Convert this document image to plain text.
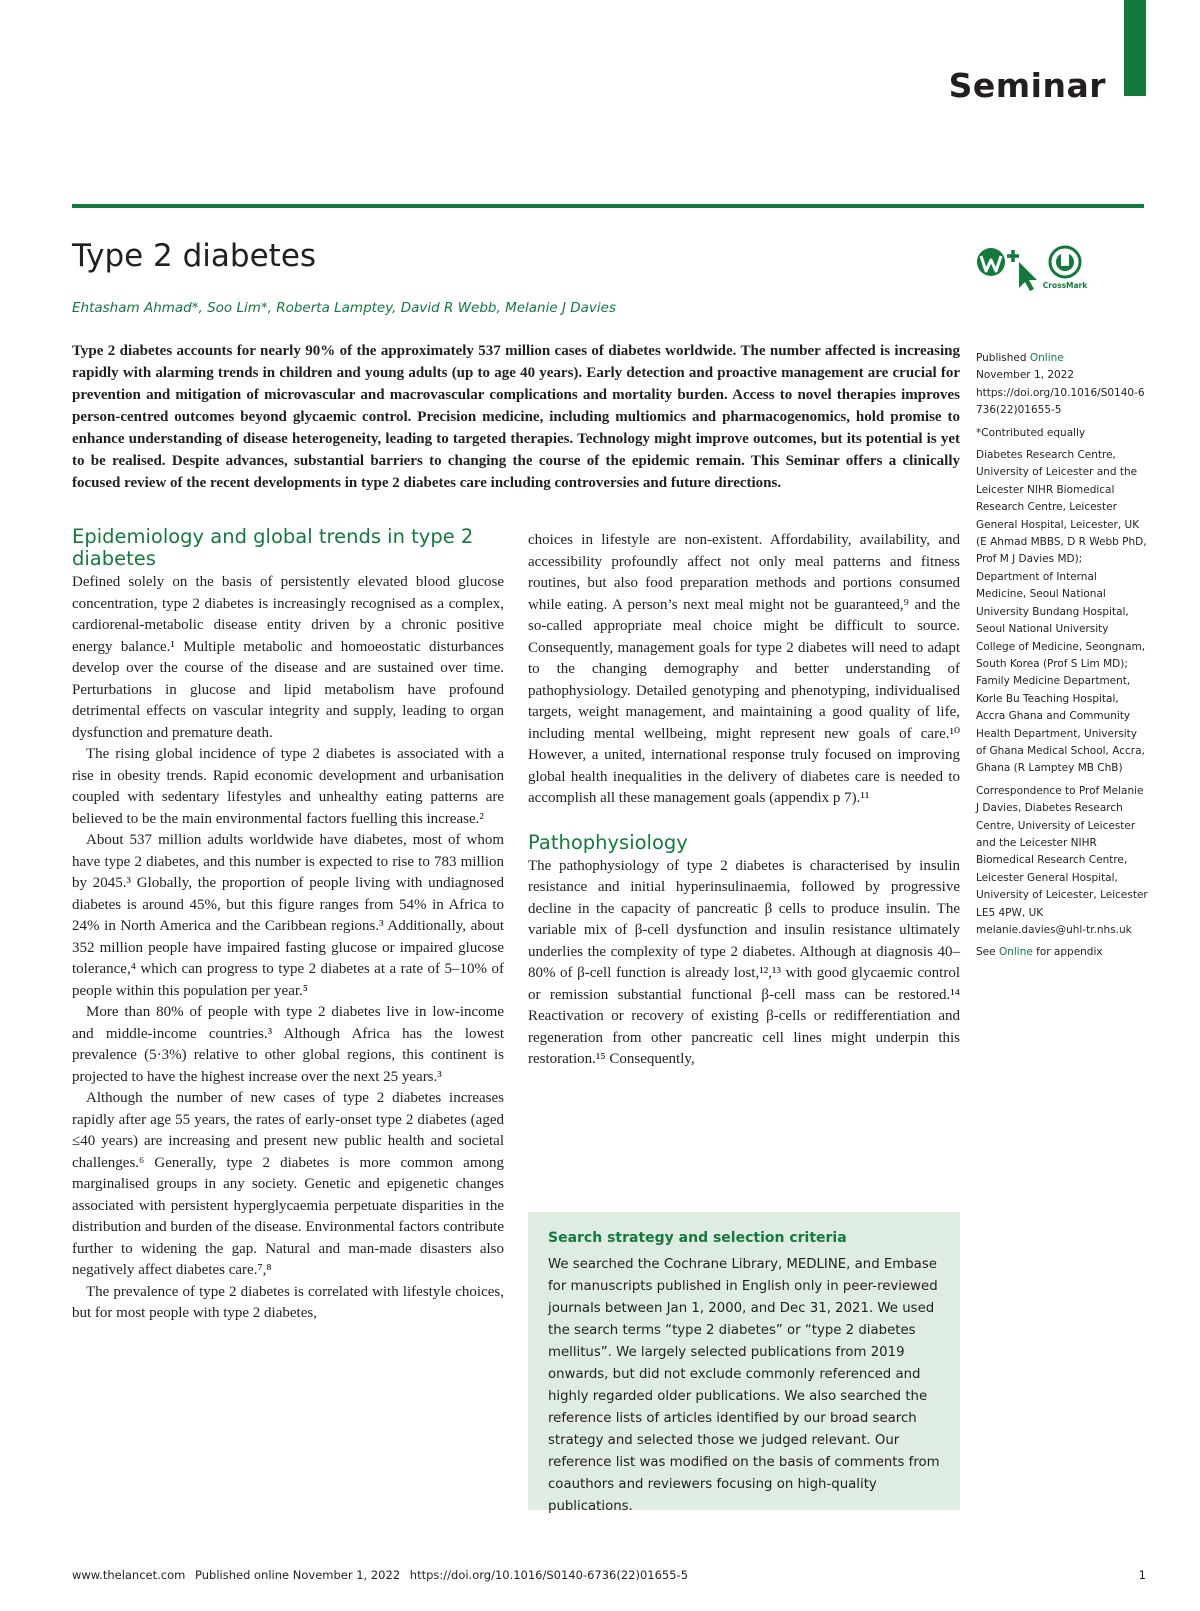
Seminar
Type 2 diabetes
Ehtasham Ahmad*, Soo Lim*, Roberta Lamptey, David R Webb, Melanie J Davies
CrossMark

Type 2 diabetes accounts for nearly 90% of the approximately 537 million cases of diabetes worldwide. The number affected is increasing rapidly with alarming trends in children and young adults (up to age 40 years). Early detection and proactive management are crucial for prevention and mitigation of microvascular and macrovascular complications and mortality burden. Access to novel therapies improves person-centred outcomes beyond glycaemic control. Precision medicine, including multiomics and pharmacogenomics, hold promise to enhance understanding of disease heterogeneity, leading to targeted therapies. Technology might improve outcomes, but its potential is yet to be realised. Despite advances, substantial barriers to changing the course of the epidemic remain. This Seminar offers a clinically focused review of the recent developments in type 2 diabetes care including controversies and future directions.

Epidemiology and global trends in type 2 diabetes

Defined solely on the basis of persistently elevated blood glucose concentration, type 2 diabetes is increasingly recognised as a complex, cardiorenal-metabolic disease entity driven by a chronic positive energy balance.¹ Multiple metabolic and homoeostatic disturbances develop over the course of the disease and are sustained over time. Perturbations in glucose and lipid metabolism have profound detrimental effects on vascular integrity and supply, leading to organ dysfunction and premature death.

The rising global incidence of type 2 diabetes is associated with a rise in obesity trends. Rapid economic development and urbanisation coupled with sedentary lifestyles and unhealthy eating patterns are believed to be the main environmental factors fuelling this increase.²

About 537 million adults worldwide have diabetes, most of whom have type 2 diabetes, and this number is expected to rise to 783 million by 2045.³ Globally, the proportion of people living with undiagnosed diabetes is around 45%, but this figure ranges from 54% in Africa to 24% in North America and the Caribbean regions.³ Additionally, about 352 million people have impaired fasting glucose or impaired glucose tolerance,⁴ which can progress to type 2 diabetes at a rate of 5–10% of people within this population per year.⁵

More than 80% of people with type 2 diabetes live in low-income and middle-income countries.³ Although Africa has the lowest prevalence (5·3%) relative to other global regions, this continent is projected to have the highest increase over the next 25 years.³

Although the number of new cases of type 2 diabetes increases rapidly after age 55 years, the rates of early-onset type 2 diabetes (aged ≤40 years) are increasing and present new public health and societal challenges.⁶ Generally, type 2 diabetes is more common among marginalised groups in any society. Genetic and epigenetic changes associated with persistent hyperglycaemia perpetuate disparities in the distribution and burden of the disease. Environmental factors contribute further to widening the gap. Natural and man-made disasters also negatively affect diabetes care.⁷,⁸

The prevalence of type 2 diabetes is correlated with lifestyle choices, but for most people with type 2 diabetes,

choices in lifestyle are non-existent. Affordability, availability, and accessibility profoundly affect not only meal patterns and fitness routines, but also food preparation methods and portions consumed while eating. A person’s next meal might not be guaranteed,⁹ and the so-called appropriate meal choice might be difficult to source. Consequently, management goals for type 2 diabetes will need to adapt to the changing demography and better understanding of pathophysiology. Detailed genotyping and phenotyping, individualised targets, weight management, and maintaining a good quality of life, including mental wellbeing, might represent new goals of care.¹⁰ However, a united, international response truly focused on improving global health inequalities in the delivery of diabetes care is needed to accomplish all these management goals (appendix p 7).¹¹

Pathophysiology

The pathophysiology of type 2 diabetes is characterised by insulin resistance and initial hyperinsulinaemia, followed by progressive decline in the capacity of pancreatic β cells to produce insulin. The variable mix of β-cell dysfunction and insulin resistance ultimately underlies the complexity of type 2 diabetes. Although at diagnosis 40–80% of β-cell function is already lost,¹²,¹³ with good glycaemic control or remission substantial functional β-cell mass can be restored.¹⁴ Reactivation or recovery of existing β-cells or redifferentiation and regeneration from other pancreatic cell lines might underpin this restoration.¹⁵ Consequently,

Search strategy and selection criteria

We searched the Cochrane Library, MEDLINE, and Embase for manuscripts published in English only in peer-reviewed journals between Jan 1, 2000, and Dec 31, 2021. We used the search terms “type 2 diabetes” or “type 2 diabetes mellitus”. We largely selected publications from 2019 onwards, but did not exclude commonly referenced and highly regarded older publications. We also searched the reference lists of articles identified by our broad search strategy and selected those we judged relevant. Our reference list was modified on the basis of comments from coauthors and reviewers focusing on high-quality publications.

Published Online
November 1, 2022
https://doi.org/10.1016/S0140-6736(22)01655-5

*Contributed equally

Diabetes Research Centre, University of Leicester and the Leicester NIHR Biomedical Research Centre, Leicester General Hospital, Leicester, UK (E Ahmad MBBS, D R Webb PhD, Prof M J Davies MD); Department of Internal Medicine, Seoul National University Bundang Hospital, Seoul National University College of Medicine, Seongnam, South Korea (Prof S Lim MD); Family Medicine Department, Korle Bu Teaching Hospital, Accra Ghana and Community Health Department, University of Ghana Medical School, Accra, Ghana (R Lamptey MB ChB)

Correspondence to Prof Melanie J Davies, Diabetes Research Centre, University of Leicester and the Leicester NIHR Biomedical Research Centre, Leicester General Hospital, University of Leicester, Leicester LE5 4PW, UK
melanie.davies@uhl-tr.nhs.uk

See Online for appendix

www.thelancet.com Published online November 1, 2022 https://doi.org/10.1016/S0140-6736(22)01655-5	1
